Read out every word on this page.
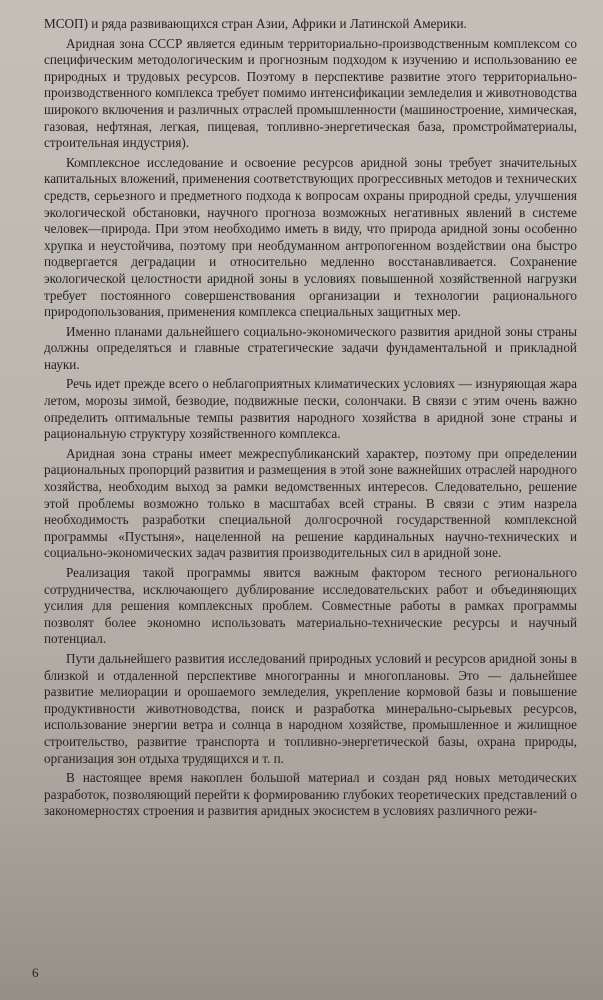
МСОП) и ряда развивающихся стран Азии, Африки и Латинской Америки.

Аридная зона СССР является единым территориально-производственным комплексом со специфическим методологическим и прогнозным подходом к изучению и использованию ее природных и трудовых ресурсов. Поэтому в перспективе развитие этого территориально-производственного комплекса требует помимо интенсификации земледелия и животноводства широкого включения и различных отраслей промышленности (машиностроение, химическая, газовая, нефтяная, легкая, пищевая, топливно-энергетическая база, промстройматериалы, строительная индустрия).

Комплексное исследование и освоение ресурсов аридной зоны требует значительных капитальных вложений, применения соответствующих прогрессивных методов и технических средств, серьезного и предметного подхода к вопросам охраны природной среды, улучшения экологической обстановки, научного прогноза возможных негативных явлений в системе человек—природа. При этом необходимо иметь в виду, что природа аридной зоны особенно хрупка и неустойчива, поэтому при необдуманном антропогенном воздействии она быстро подвергается деградации и относительно медленно восстанавливается. Сохранение экологической целостности аридной зоны в условиях повышенной хозяйственной нагрузки требует постоянного совершенствования организации и технологии рационального природопользования, применения комплекса специальных защитных мер.

Именно планами дальнейшего социально-экономического развития аридной зоны страны должны определяться и главные стратегические задачи фундаментальной и прикладной науки.

Речь идет прежде всего о неблагоприятных климатических условиях — изнуряющая жара летом, морозы зимой, безводие, подвижные пески, солончаки. В связи с этим очень важно определить оптимальные темпы развития народного хозяйства в аридной зоне страны и рациональную структуру хозяйственного комплекса.

Аридная зона страны имеет межреспубликанский характер, поэтому при определении рациональных пропорций развития и размещения в этой зоне важнейших отраслей народного хозяйства, необходим выход за рамки ведомственных интересов. Следовательно, решение этой проблемы возможно только в масштабах всей страны. В связи с этим назрела необходимость разработки специальной долгосрочной государственной комплексной программы «Пустыня», нацеленной на решение кардинальных научно-технических и социально-экономических задач развития производительных сил в аридной зоне.

Реализация такой программы явится важным фактором тесного регионального сотрудничества, исключающего дублирование исследовательских работ и объединяющих усилия для решения комплексных проблем. Совместные работы в рамках программы позволят более экономно использовать материально-технические ресурсы и научный потенциал.

Пути дальнейшего развития исследований природных условий и ресурсов аридной зоны в близкой и отдаленной перспективе многогранны и многоплановы. Это — дальнейшее развитие мелиорации и орошаемого земледелия, укрепление кормовой базы и повышение продуктивности животноводства, поиск и разработка минерально-сырьевых ресурсов, использование энергии ветра и солнца в народном хозяйстве, промышленное и жилищное строительство, развитие транспорта и топливно-энергетической базы, охрана природы, организация зон отдыха трудящихся и т. п.

В настоящее время накоплен большой материал и создан ряд новых методических разработок, позволяющий перейти к формированию глубоких теоретических представлений о закономерностях строения и развития аридных экосистем в условиях различного режи-

6
